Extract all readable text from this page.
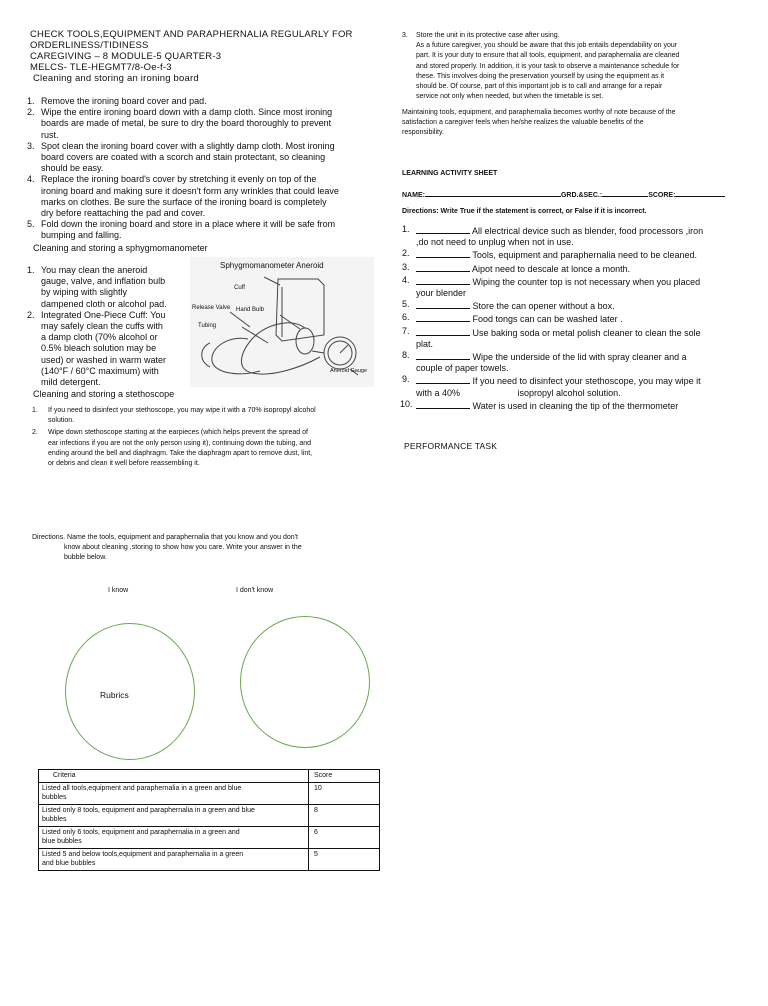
CHECK TOOLS,EQUIPMENT AND PARAPHERNALIA REGULARLY FOR
ORDERLINESS/TIDINESS
CAREGIVING – 8 MODULE-5 QUARTER-3
MELCS- TLE-HEGMT7/8-Oe-f-3
Cleaning and storing an ironing board
1. Remove the ironing board cover and pad.
2. Wipe the entire ironing board down with a damp cloth. Since most ironing
boards are made of metal, be sure to dry the board thoroughly to prevent
rust.
3. Spot clean the ironing board cover with a slightly damp cloth. Most ironing
board covers are coated with a scorch and stain protectant, so cleaning
should be easy.
4. Replace the ironing board's cover by stretching it evenly on top of the
ironing board and making sure it doesn't form any wrinkles that could leave
marks on clothes. Be sure the surface of the ironing board is completely
dry before reattaching the pad and cover.
5. Fold down the ironing board and store in a place where it will be safe from
bumping and falling.
Cleaning and storing a sphygmomanometer
1. You may clean the aneroid
gauge, valve, and inflation bulb
by wiping with slightly
dampened cloth or alcohol pad.
2. Integrated One-Piece Cuff: You
may safely clean the cuffs with
a damp cloth (70% alcohol or
0.5% bleach solution may be
used) or washed in warm water
(140°F / 60°C maximum) with
mild detergent.
Sphygmomanometer Aneroid
Cuff
Hand Bulb
Release Valve
Tubing
Aneroid Gauge
Cleaning and storing a stethoscope
1. If you need to disinfect your stethoscope, you may wipe it with a 70% isopropyl alcohol
solution.
2. Wipe down stethoscope starting at the earpieces (which helps prevent the spread of
ear infections if you are not the only person using it), continuing down the tubing, and
ending around the bell and diaphragm. Take the diaphragm apart to remove dust, lint,
or debris and clean it well before reassembling it.
Directions. Name the tools, equipment and paraphernalia that you know and you don't
know about cleaning ,storing to show how you care. Write your answer in the
bubble below.
I know	I don't know
Rubrics
Criteria	Score

Listed all tools,equipment and paraphernalia in a green and blue
bubbles	10

Listed only 8 tools, equipment and paraphernalia in a green and blue
bubbles	8

Listed only 6 tools, equipment and paraphernalia in a green and
blue bubbles	6

Listed 5 and below tools,equipment and paraphernalia in a green
and blue bubbles	5
3.	Store the unit in its protective case after using.
As a future caregiver, you should be aware that this job entails dependability on your
part. It is your duty to ensure that all tools, equipment, and paraphernalia are cleaned
and stored properly. In addition, it is your task to observe a maintenance schedule for
these. This involves doing the preservation yourself by using the equipment as it
should be. Of course, part of this important job is to call and arrange for a repair
service not only when needed, but when the timetable is set.
Maintaining tools, equipment, and paraphernalia becomes worthy of note because of the
satisfaction a caregiver feels when he/she realizes the valuable benefits of the
responsibility.
LEARNING ACTIVITY SHEET
NAME:	GRD.&SEC.:	SCORE:
Directions: Write True if the statement is correct, or False if it is incorrect.
1.	All electrical device such as blender, food processors ,iron
,do not need to unplug when not in use.
2.	Tools, equipment and paraphernalia need to be cleaned.
3.	Aipot need to descale at lonce a month.
4.	Wiping the counter top is not necessary when you placed
your blender
5.	Store the can opener without a box.
6.	Food tongs can can be washed later .
7.	Use baking soda or metal polish cleaner to clean the sole
plat.
8.	Wipe the underside of the lid with spray cleaner and a
couple of paper towels.
9.	If you need to disinfect your stethoscope, you may wipe it
with a 40%                       isopropyl alcohol solution.
10.	Water is used in cleaning the tip of the thermometer
PERFORMANCE TASK
